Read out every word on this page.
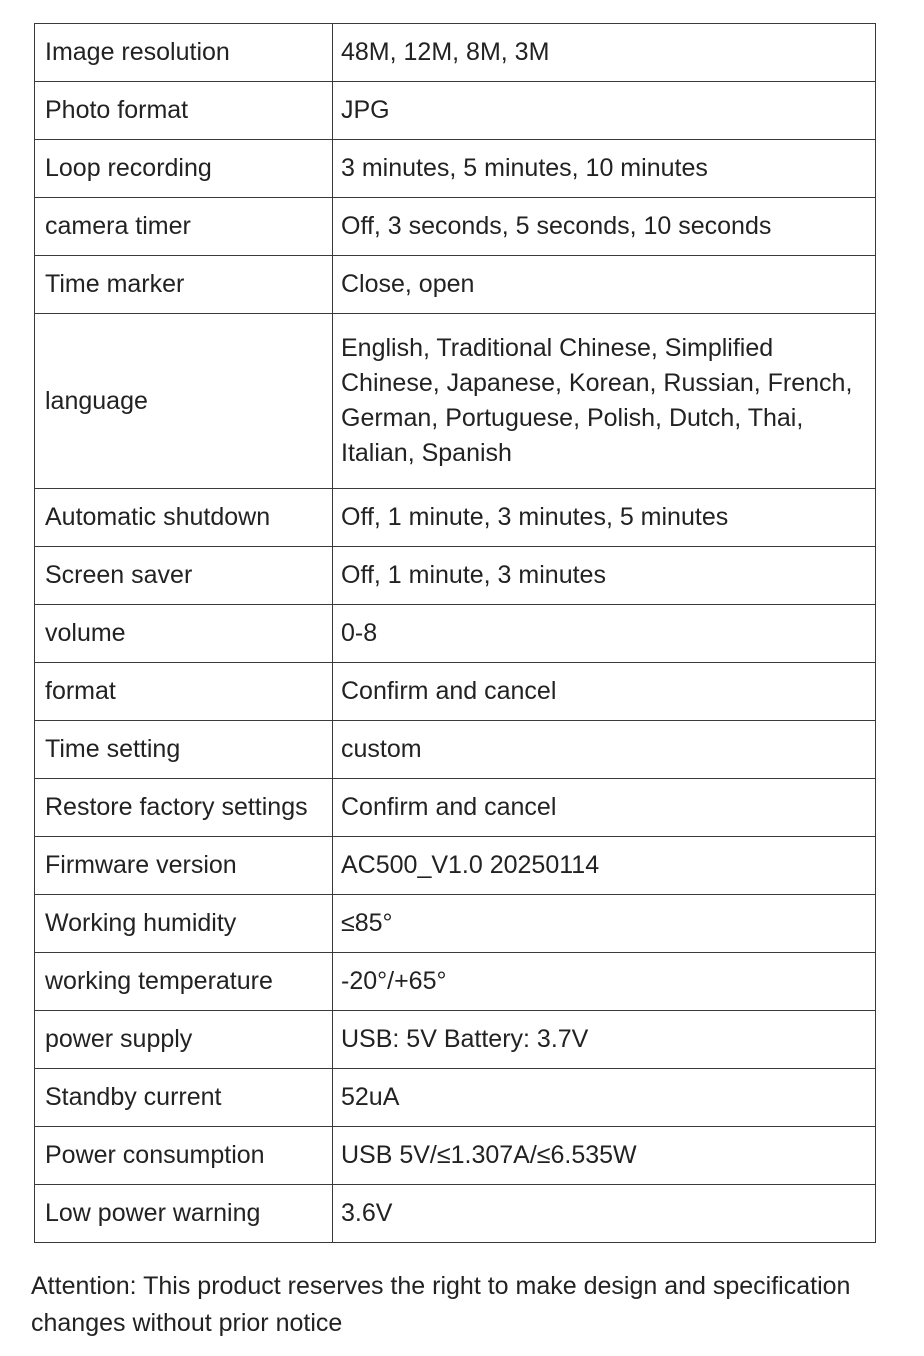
Image resolution	48M, 12M, 8M, 3M
Photo format	JPG
Loop recording	3 minutes, 5 minutes, 10 minutes
camera timer	Off, 3 seconds, 5 seconds, 10 seconds
Time marker	Close, open
language	English, Traditional Chinese, Simplified Chinese, Japanese, Korean, Russian, French, German, Portuguese, Polish, Dutch, Thai, Italian, Spanish
Automatic shutdown	Off, 1 minute, 3 minutes, 5 minutes
Screen saver	Off, 1 minute, 3 minutes
volume	0-8
format	Confirm and cancel
Time setting	custom
Restore factory settings	Confirm and cancel
Firmware version	AC500_V1.0 20250114
Working humidity	≤85°
working temperature	-20°/+65°
power supply	USB: 5V Battery: 3.7V
Standby current	52uA
Power consumption	USB 5V/≤1.307A/≤6.535W
Low power warning	3.6V
Attention: This product reserves the right to make design and specification changes without prior notice
